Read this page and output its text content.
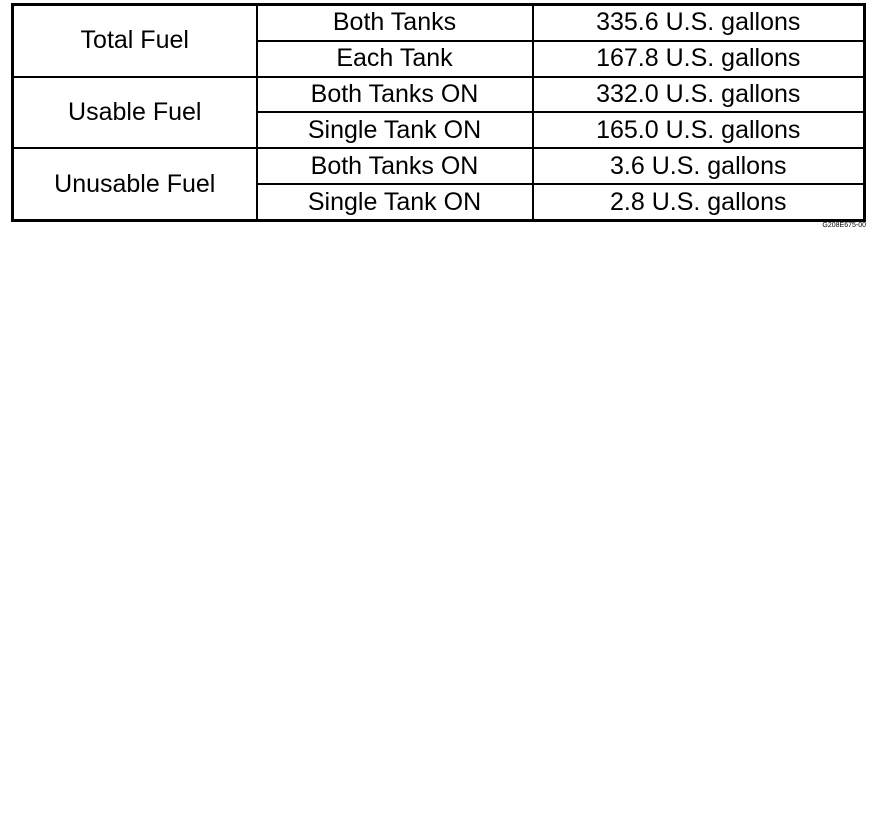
Total Fuel	Both Tanks	335.6 U.S. gallons
	Each Tank	167.8 U.S. gallons
Usable Fuel	Both Tanks ON	332.0 U.S. gallons
	Single Tank ON	165.0 U.S. gallons
Unusable Fuel	Both Tanks ON	3.6 U.S. gallons
	Single Tank ON	2.8 U.S. gallons
G208E675-00
